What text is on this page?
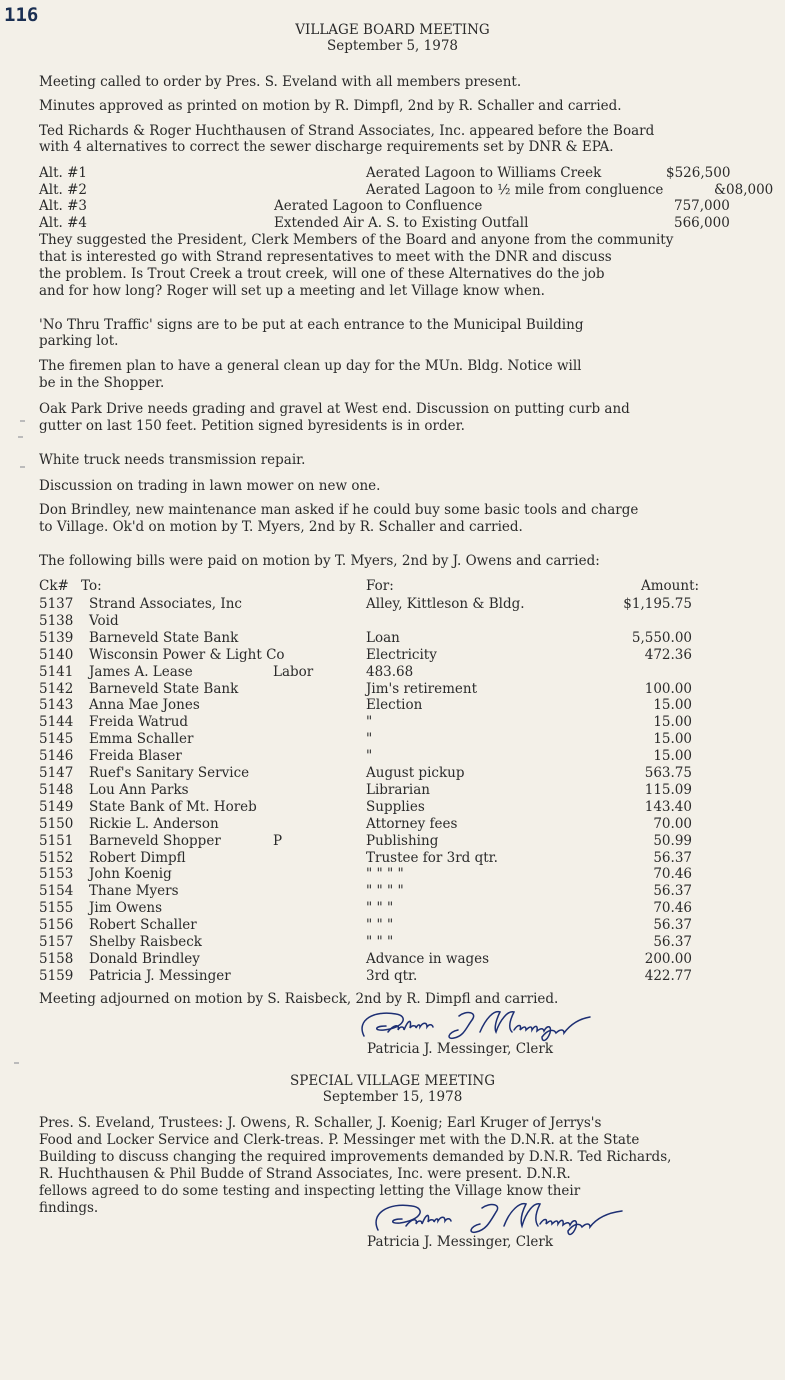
116
VILLAGE BOARD MEETING
September 5, 1978
Meeting called to order by Pres. S. Eveland with all members present.
Minutes approved as printed on motion by R. Dimpfl, 2nd by R. Schaller and carried.
Ted Richards & Roger Huchthausen of Strand Associates, Inc. appeared before the Board
with 4 alternatives to correct the sewer discharge requirements set by DNR & EPA.
Alt. #1	Aerated Lagoon to Williams Creek	$526,500
Alt. #2	Aerated Lagoon to ½ mile from congluence	&08,000
Alt. #3	Aerated Lagoon to Confluence	757,000
Alt. #4	Extended Air A. S. to Existing Outfall	566,000
They suggested the President, Clerk Members of the Board and anyone from the community
that is interested go with Strand representatives to meet with the DNR and discuss
the problem. Is Trout Creek a trout creek, will one of these Alternatives do the job
and for how long? Roger will set up a meeting and let Village know when.
'No Thru Traffic' signs are to be put at each entrance to the Municipal Building
parking lot.
The firemen plan to have a general clean up day for the MUn. Bldg. Notice will
be in the Shopper.
Oak Park Drive needs grading and gravel at West end. Discussion on putting curb and
gutter on last 150 feet. Petition signed byresidents is in order.
White truck needs transmission repair.
Discussion on trading in lawn mower on new one.
Don Brindley, new maintenance man asked if he could buy some basic tools and charge
to Village. Ok'd on motion by T. Myers, 2nd by R. Schaller and carried.
The following bills were paid on motion by T. Myers, 2nd by J. Owens and carried:
Ck# To:	For:	Amount:
5137 Strand Associates, Inc	Alley, Kittleson & Bldg.	$1,195.75
5138 Void
5139 Barneveld State Bank	Loan	5,550.00
5140 Wisconsin Power & Light Co	Electricity	472.36
5141 James A. Lease	Labor	483.68
5142 Barneveld State Bank	Jim's retirement	100.00
5143 Anna Mae Jones	Election	15.00
5144 Freida Watrud	"	15.00
5145 Emma Schaller	"	15.00
5146 Freida Blaser	"	15.00
5147 Ruef's Sanitary Service	August pickup	563.75
5148 Lou Ann Parks	Librarian	115.09
5149 State Bank of Mt. Horeb	Supplies	143.40
5150 Rickie L. Anderson	Attorney fees	70.00
5151 Barneveld Shopper	P	Publishing	50.99
5152 Robert Dimpfl	Trustee for 3rd qtr.	56.37
5153 John Koenig	" " " "	70.46
5154 Thane Myers	" " " "	56.37
5155 Jim Owens	" " "	70.46
5156 Robert Schaller	" " "	56.37
5157 Shelby Raisbeck	" " "	56.37
5158 Donald Brindley	Advance in wages	200.00
5159 Patricia J. Messinger	3rd qtr.	422.77
Meeting adjourned on motion by S. Raisbeck, 2nd by R. Dimpfl and carried.
Patricia J. Messinger, Clerk
SPECIAL VILLAGE MEETING
September 15, 1978
Pres. S. Eveland, Trustees: J. Owens, R. Schaller, J. Koenig; Earl Kruger of Jerrys's
Food and Locker Service and Clerk-treas. P. Messinger met with the D.N.R. at the State
Building to discuss changing the required improvements demanded by D.N.R. Ted Richards,
R. Huchthausen & Phil Budde of Strand Associates, Inc. were present. D.N.R.
fellows agreed to do some testing and inspecting letting the Village know their
findings.
Patricia J. Messinger, Clerk
